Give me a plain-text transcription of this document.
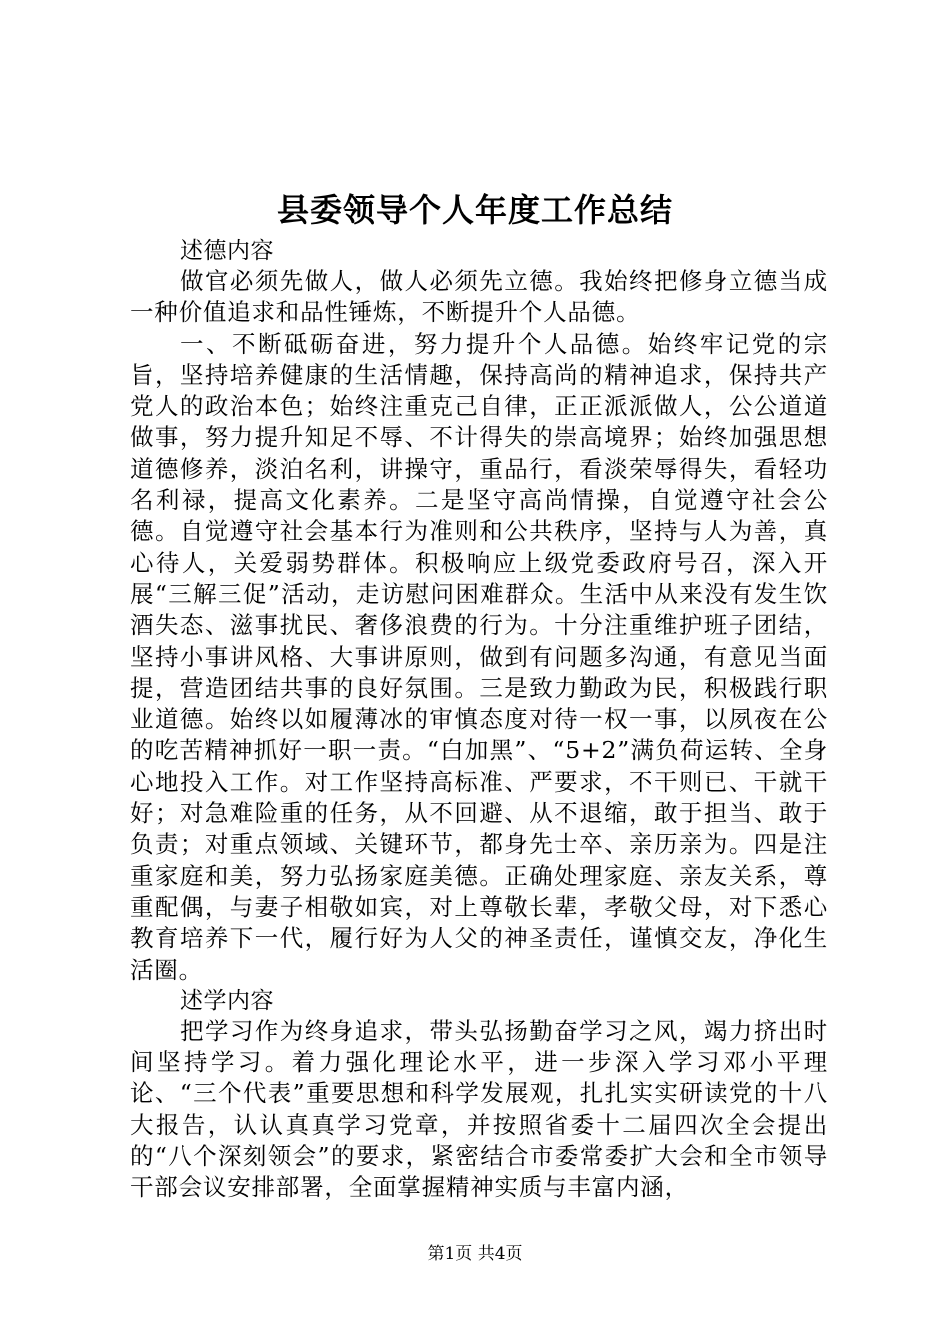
县委领导个人年度工作总结

述德内容

做官必须先做人，做人必须先立德。我始终把修身立德当成一种价值追求和品性锤炼，不断提升个人品德。

一、不断砥砺奋进，努力提升个人品德。始终牢记党的宗旨，坚持培养健康的生活情趣，保持高尚的精神追求，保持共产党人的政治本色；始终注重克己自律，正正派派做人，公公道道做事，努力提升知足不辱、不计得失的崇高境界；始终加强思想道德修养，淡泊名利，讲操守，重品行，看淡荣辱得失，看轻功名利禄，提高文化素养。二是坚守高尚情操，自觉遵守社会公德。自觉遵守社会基本行为准则和公共秩序，坚持与人为善，真心待人，关爱弱势群体。积极响应上级党委政府号召，深入开展“三解三促”活动，走访慰问困难群众。生活中从来没有发生饮酒失态、滋事扰民、奢侈浪费的行为。十分注重维护班子团结，坚持小事讲风格、大事讲原则，做到有问题多沟通，有意见当面提，营造团结共事的良好氛围。三是致力勤政为民，积极践行职业道德。始终以如履薄冰的审慎态度对待一权一事，以夙夜在公的吃苦精神抓好一职一责。“白加黑”、“5+2”满负荷运转、全身心地投入工作。对工作坚持高标准、严要求，不干则已、干就干好；对急难险重的任务，从不回避、从不退缩，敢于担当、敢于负责；对重点领域、关键环节，都身先士卒、亲历亲为。四是注重家庭和美，努力弘扬家庭美德。正确处理家庭、亲友关系，尊重配偶，与妻子相敬如宾，对上尊敬长辈，孝敬父母，对下悉心教育培养下一代，履行好为人父的神圣责任，谨慎交友，净化生活圈。

述学内容

把学习作为终身追求，带头弘扬勤奋学习之风，竭力挤出时间坚持学习。着力强化理论水平，进一步深入学习邓小平理论、“三个代表”重要思想和科学发展观，扎扎实实研读党的十八大报告，认认真真学习党章，并按照省委十二届四次全会提出的“八个深刻领会”的要求，紧密结合市委常委扩大会和全市领导干部会议安排部署，全面掌握精神实质与丰富内涵，

第1页 共4页
